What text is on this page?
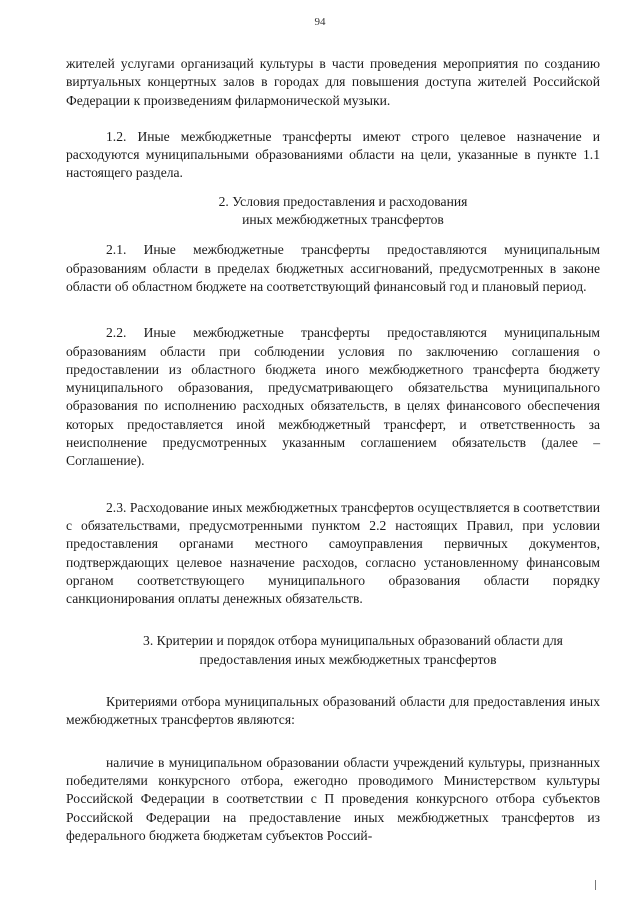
94

жителей услугами организаций культуры в части проведения мероприятия по созданию виртуальных концертных залов в городах для повышения доступа жителей Российской Федерации к произведениям филармонической музыки.

1.2. Иные межбюджетные трансферты имеют строго целевое назначение и расходуются муниципальными образованиями области на цели, указанные в пункте 1.1 настоящего раздела.

2. Условия предоставления и расходования

иных межбюджетных трансфертов

2.1. Иные межбюджетные трансферты предоставляются муниципальным образованиям области в пределах бюджетных ассигнований, предусмотренных в законе области об областном бюджете на соответствующий финансовый год и плановый период.

2.2. Иные межбюджетные трансферты предоставляются муниципальным образованиям области при соблюдении условия по заключению соглашения о предоставлении из областного бюджета иного межбюджетного трансферта бюджету муниципального образования, предусматривающего обязательства муниципального образования по исполнению расходных обязательств, в целях финансового обеспечения которых предоставляется иной межбюджетный трансферт, и ответственность за неисполнение предусмотренных указанным соглашением обязательств (далее – Соглашение).

2.3. Расходование иных межбюджетных трансфертов осуществляется в соответствии с обязательствами, предусмотренными пунктом 2.2 настоящих Правил, при условии предоставления органами местного самоуправления первичных документов, подтверждающих целевое назначение расходов, согласно установленному финансовым органом соответствующего муниципального образования области порядку санкционирования оплаты денежных обязательств.

3. Критерии и порядок отбора муниципальных образований области для

предоставления иных межбюджетных трансфертов

Критериями отбора муниципальных образований области для предоставления иных межбюджетных трансфертов являются:

наличие в муниципальном образовании области учреждений культуры, признанных победителями конкурсного отбора, ежегодно проводимого Министерством культуры Российской Федерации в соответствии с П проведения конкурсного отбора субъектов Российской Федерации на предоставление иных межбюджетных трансфертов из федерального бюджета бюджетам субъектов Россий-
